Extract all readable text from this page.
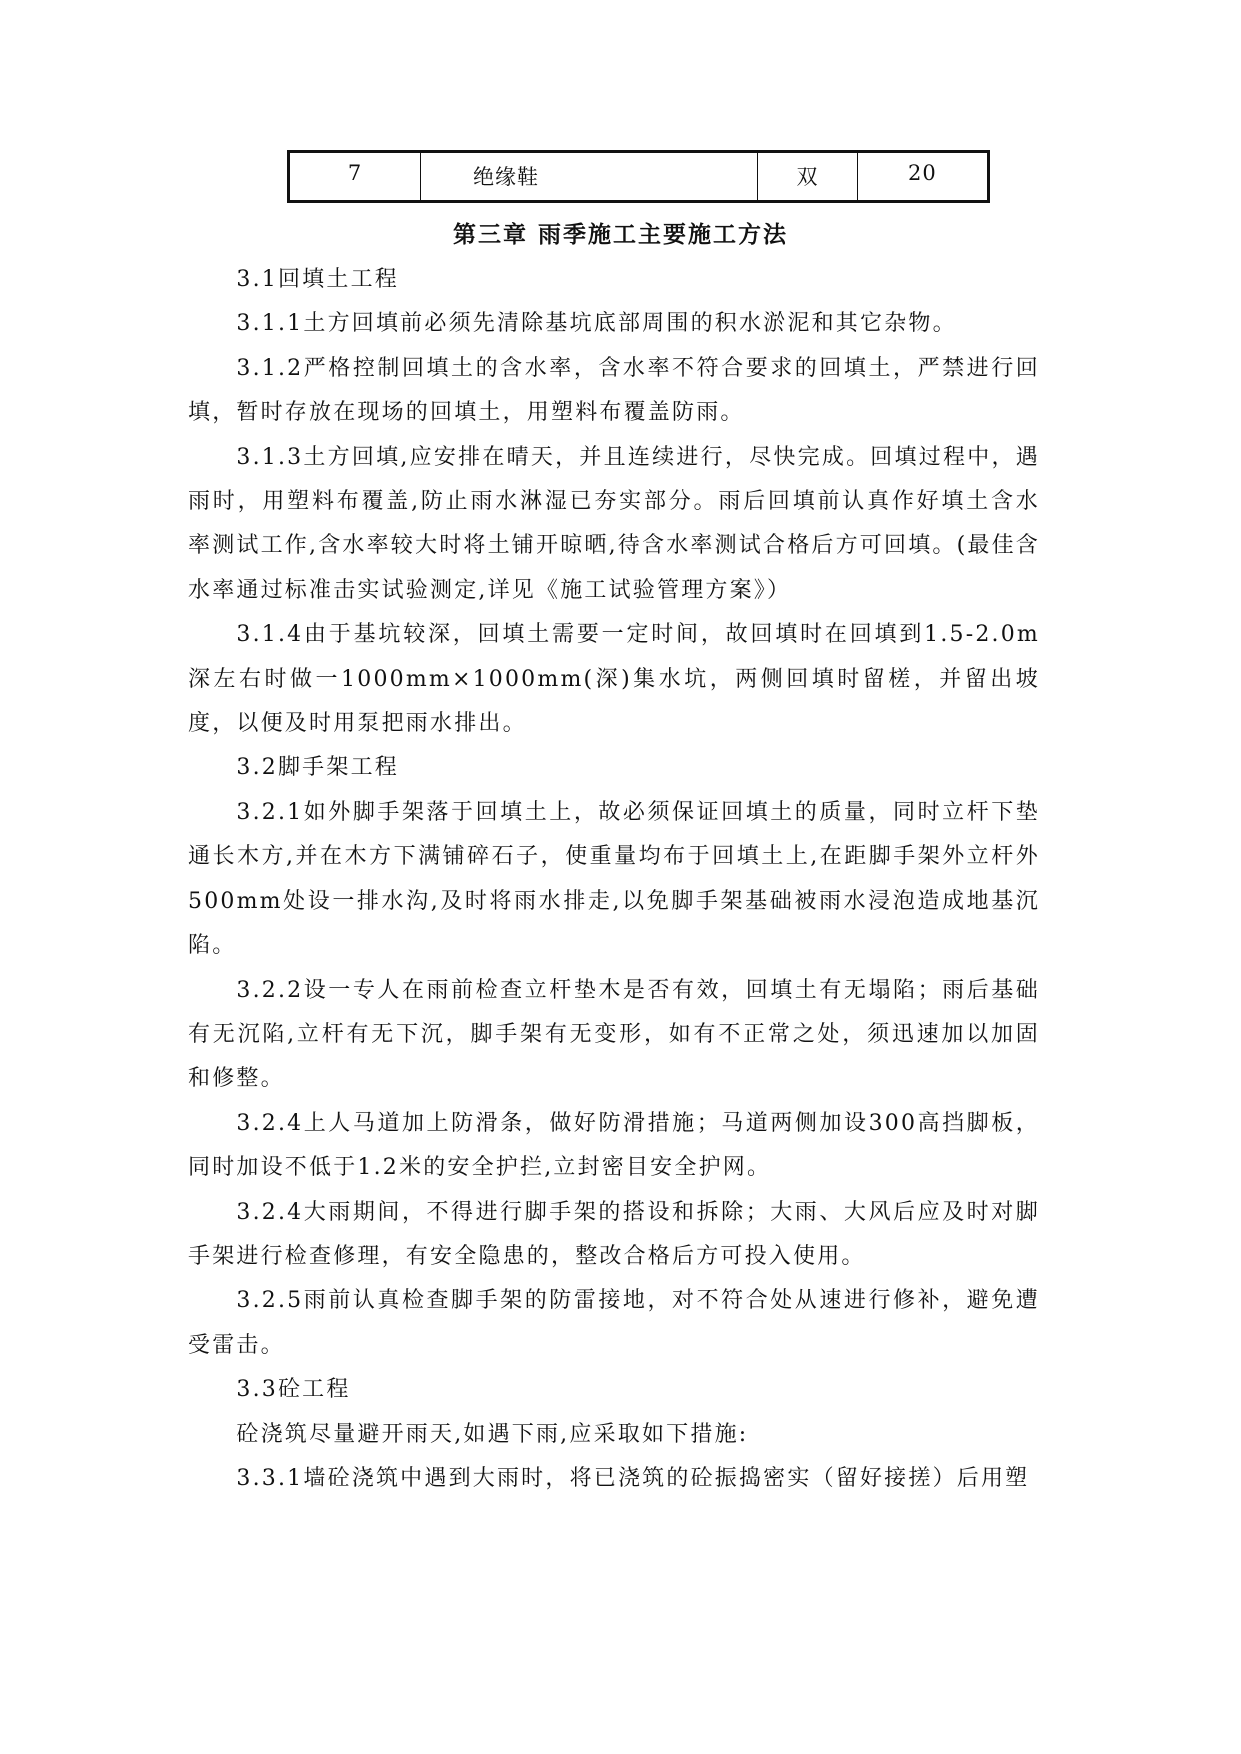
7	绝缘鞋	双	20
第三章 雨季施工主要施工方法

3.1回填土工程

3.1.1土方回填前必须先清除基坑底部周围的积水淤泥和其它杂物。

3.1.2严格控制回填土的含水率，含水率不符合要求的回填土，严禁进行回填，暂时存放在现场的回填土，用塑料布覆盖防雨。

3.1.3土方回填,应安排在晴天，并且连续进行，尽快完成。回填过程中，遇雨时，用塑料布覆盖,防止雨水淋湿已夯实部分。雨后回填前认真作好填土含水率测试工作,含水率较大时将土铺开晾晒,待含水率测试合格后方可回填。(最佳含水率通过标准击实试验测定,详见《施工试验管理方案》）

3.1.4由于基坑较深，回填土需要一定时间，故回填时在回填到1.5-2.0m深左右时做一1000mm×1000mm(深)集水坑，两侧回填时留槎，并留出坡度，以便及时用泵把雨水排出。

3.2脚手架工程

3.2.1如外脚手架落于回填土上，故必须保证回填土的质量，同时立杆下垫通长木方,并在木方下满铺碎石子，使重量均布于回填土上,在距脚手架外立杆外500mm处设一排水沟,及时将雨水排走,以免脚手架基础被雨水浸泡造成地基沉陷。

3.2.2设一专人在雨前检查立杆垫木是否有效，回填土有无塌陷；雨后基础有无沉陷,立杆有无下沉，脚手架有无变形，如有不正常之处，须迅速加以加固和修整。

3.2.4上人马道加上防滑条，做好防滑措施；马道两侧加设300高挡脚板，同时加设不低于1.2米的安全护拦,立封密目安全护网。

3.2.4大雨期间，不得进行脚手架的搭设和拆除；大雨、大风后应及时对脚手架进行检查修理，有安全隐患的，整改合格后方可投入使用。

3.2.5雨前认真检查脚手架的防雷接地，对不符合处从速进行修补，避免遭受雷击。

3.3砼工程

砼浇筑尽量避开雨天,如遇下雨,应采取如下措施:

3.3.1墙砼浇筑中遇到大雨时，将已浇筑的砼振捣密实（留好接搓）后用塑
